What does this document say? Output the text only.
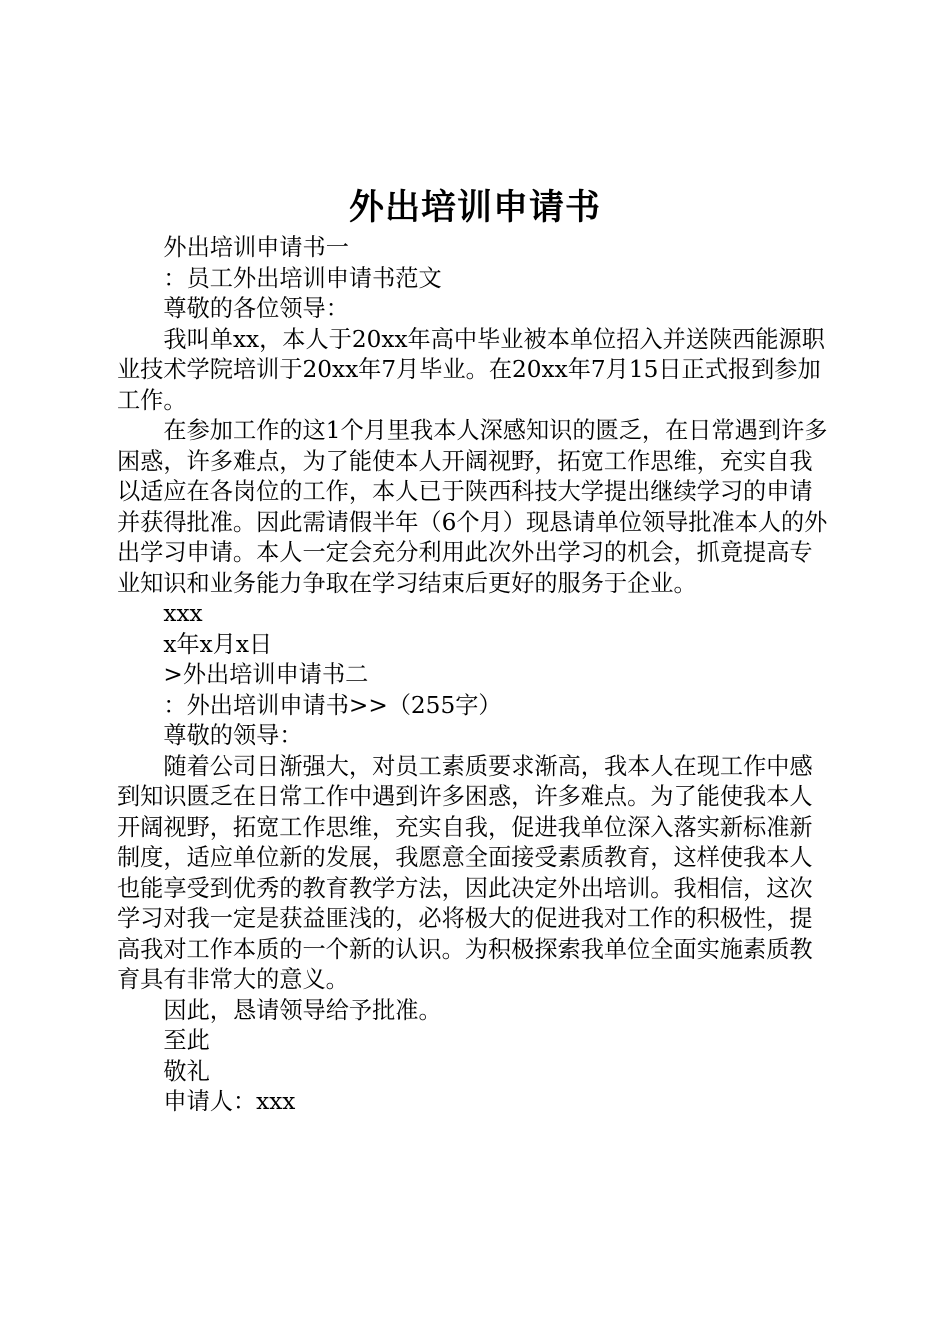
外出培训申请书

外出培训申请书一

：员工外出培训申请书范文

尊敬的各位领导：

我叫单xx，本人于20xx年高中毕业被本单位招入并送陕西能源职业技术学院培训于20xx年7月毕业。在20xx年7月15日正式报到参加工作。

在参加工作的这1个月里我本人深感知识的匮乏，在日常遇到许多困惑，许多难点，为了能使本人开阔视野，拓宽工作思维，充实自我以适应在各岗位的工作，本人已于陕西科技大学提出继续学习的申请并获得批准。因此需请假半年（6个月）现恳请单位领导批准本人的外出学习申请。本人一定会充分利用此次外出学习的机会，抓竟提高专业知识和业务能力争取在学习结束后更好的服务于企业。

xxx

x年x月x日

>外出培训申请书二

：外出培训申请书>>（255字）

尊敬的领导：

随着公司日渐强大，对员工素质要求渐高，我本人在现工作中感到知识匮乏在日常工作中遇到许多困惑，许多难点。为了能使我本人开阔视野，拓宽工作思维，充实自我，促进我单位深入落实新标准新制度，适应单位新的发展，我愿意全面接受素质教育，这样使我本人也能享受到优秀的教育教学方法，因此决定外出培训。我相信，这次学习对我一定是获益匪浅的，必将极大的促进我对工作的积极性，提高我对工作本质的一个新的认识。为积极探索我单位全面实施素质教育具有非常大的意义。

因此，恳请领导给予批准。

至此

敬礼

申请人：xxx
